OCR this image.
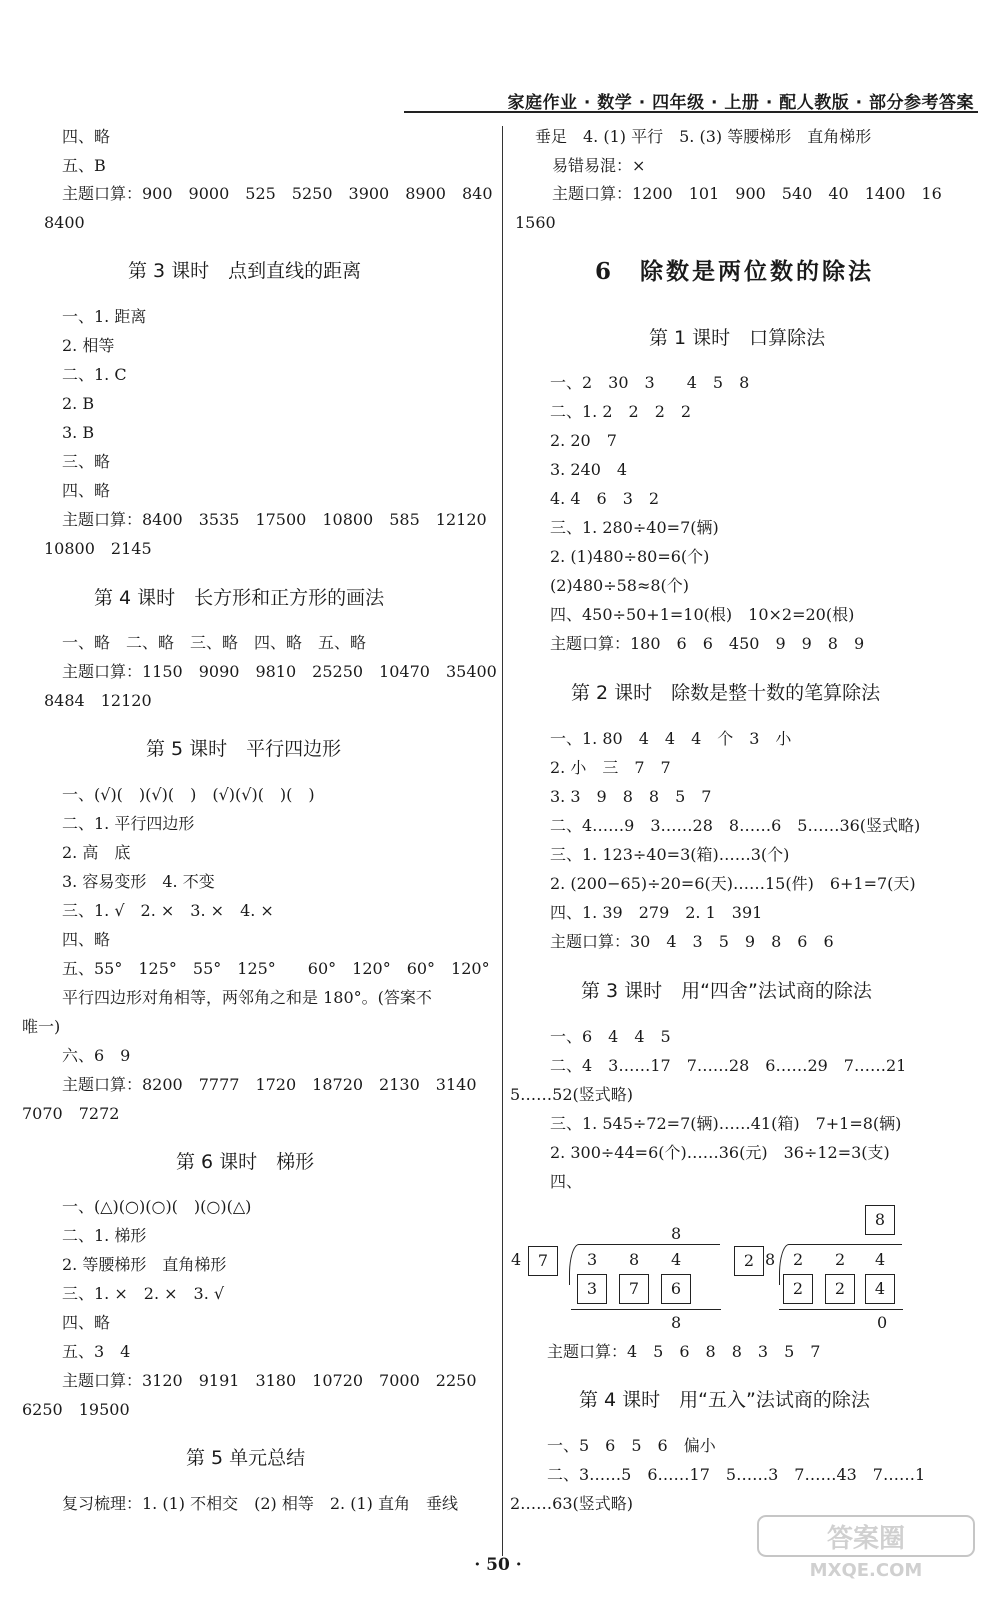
家庭作业 · 数学 · 四年级 · 上册 · 配人教版 · 部分参考答案
四、略
五、B
主题口算：900　9000　525　5250　3900　8900　840
8400
第 3 课时　点到直线的距离
一、1. 距离
2. 相等
二、1. C
2. B
3. B
三、略
四、略
主题口算：8400　3535　17500　10800　585　12120
10800　2145
第 4 课时　长方形和正方形的画法
一、略　二、略　三、略　四、略　五、略
主题口算：1150　9090　9810　25250　10470　35400
8484　12120
第 5 课时　平行四边形
一、(√)(　)(√)(　)　(√)(√)(　)(　)
二、1. 平行四边形
2. 高　底
3. 容易变形　4. 不变
三、1. √　2. ×　3. ×　4. ×
四、略
五、55°　125°　55°　125°　　60°　120°　60°　120°
平行四边形对角相等，两邻角之和是 180°。(答案不
唯一)
六、6　9
主题口算：8200　7777　1720　18720　2130　3140
7070　7272
第 6 课时　梯形
一、(△)(○)(○)(　)(○)(△)
二、1. 梯形
2. 等腰梯形　直角梯形
三、1. ×　2. ×　3. √
四、略
五、3　4
主题口算：3120　9191　3180　10720　7000　2250
6250　19500
第 5 单元总结
复习梳理：1. (1) 不相交　(2) 相等　2. (1) 直角　垂线
垂足　4. (1) 平行　5. (3) 等腰梯形　直角梯形
易错易混：×
主题口算：1200　101　900　540　40　1400　16
1560
6　除数是两位数的除法
第 1 课时　口算除法
一、2　30　3　　4　5　8
二、1. 2　2　2　2
2. 20　7
3. 240　4
4. 4　6　3　2
三、1. 280÷40=7(辆)
2. (1)480÷80=6(个)
(2)480÷58≈8(个)
四、450÷50+1=10(根)　10×2=20(根)
主题口算：180　6　6　450　9　9　8　9
第 2 课时　除数是整十数的笔算除法
一、1. 80　4　4　4　个　3　小
2. 小　三　7　7
3. 3　9　8　8　5　7
二、4……9　3……28　8……6　5……36(竖式略)
三、1. 123÷40=3(箱)……3(个)
2. (200−65)÷20=6(天)……15(件)　6+1=7(天)
四、1. 39　279　2. 1　391
主题口算：30　4　3　5　9　8　6　6
第 3 课时　用“四舍”法试商的除法
一、6　4　4　5
二、4　3……17　7……28　6……29　7……21
5……52(竖式略)
三、1. 545÷72=7(辆)……41(箱)　7+1=8(辆)
2. 300÷44=6(个)……36(元)　36÷12=3(支)
四、
8
4	7	3 8 4
3	7	6
8
8
2 8 2 2 4
2	2	4
0
主题口算：4　5　6　8　8　3　5　7
第 4 课时　用“五入”法试商的除法
一、5　6　5　6　偏小
二、3……5　6……17　5……3　7……43　7……1
2……63(竖式略)
· 50 ·
答案圈
MXQE.COM
